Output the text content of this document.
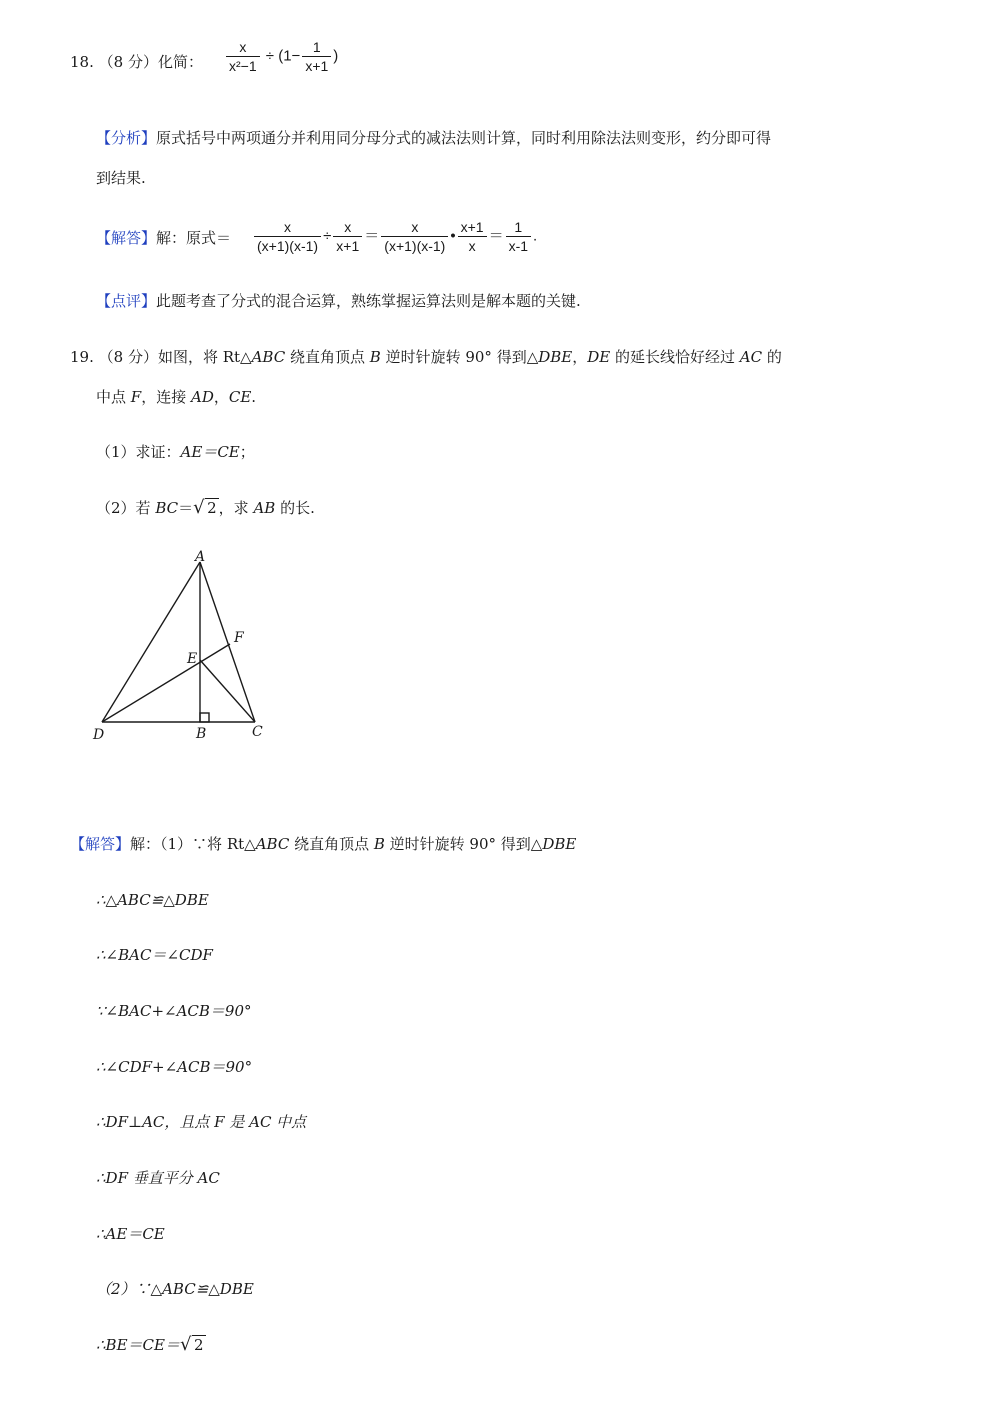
18. （8 分）化简： $\frac{x}{\text{x²−1}} \div (1- \frac{1}{x+1}$ )
【分析】原式括号中两项通分并利用同分母分式的减法法则计算，同时利用除法法则变形，约分即可得
到结果.
【解答】解：原式＝ $\frac{x}{(x+1)(x-1)} \div \frac{x}{x+1} = \frac{x}{(x+1)(x-1)}$ • $\frac{x+1}{x} = \frac{1}{x-1}$ .
【点评】此题考查了分式的混合运算，熟练掌握运算法则是解本题的关键.
19. （8 分）如图，将 Rt△ABC 绕直角顶点 B 逆时针旋转 90° 得到△DBE，DE 的延长线恰好经过 AC 的
中点 F，连接 AD，CE.
（1）求证：AE＝CE；
（2）若 BC＝ √ 2 ，求 AB 的长.
A
B	C
D
E
F
【解答】解：（1）∵将 Rt△ABC 绕直角顶点 B 逆时针旋转 90° 得到△DBE
∴△ABC≌△DBE
∴∠BAC＝∠CDF
∵∠BAC+∠ACB＝90°
∴∠CDF+∠ACB＝90°
∴DF⊥AC，且点 F 是 AC 中点
∴DF 垂直平分 AC
∴AE＝CE
（2）∵△ABC≌△DBE
∴BE＝CE＝ √ 2
